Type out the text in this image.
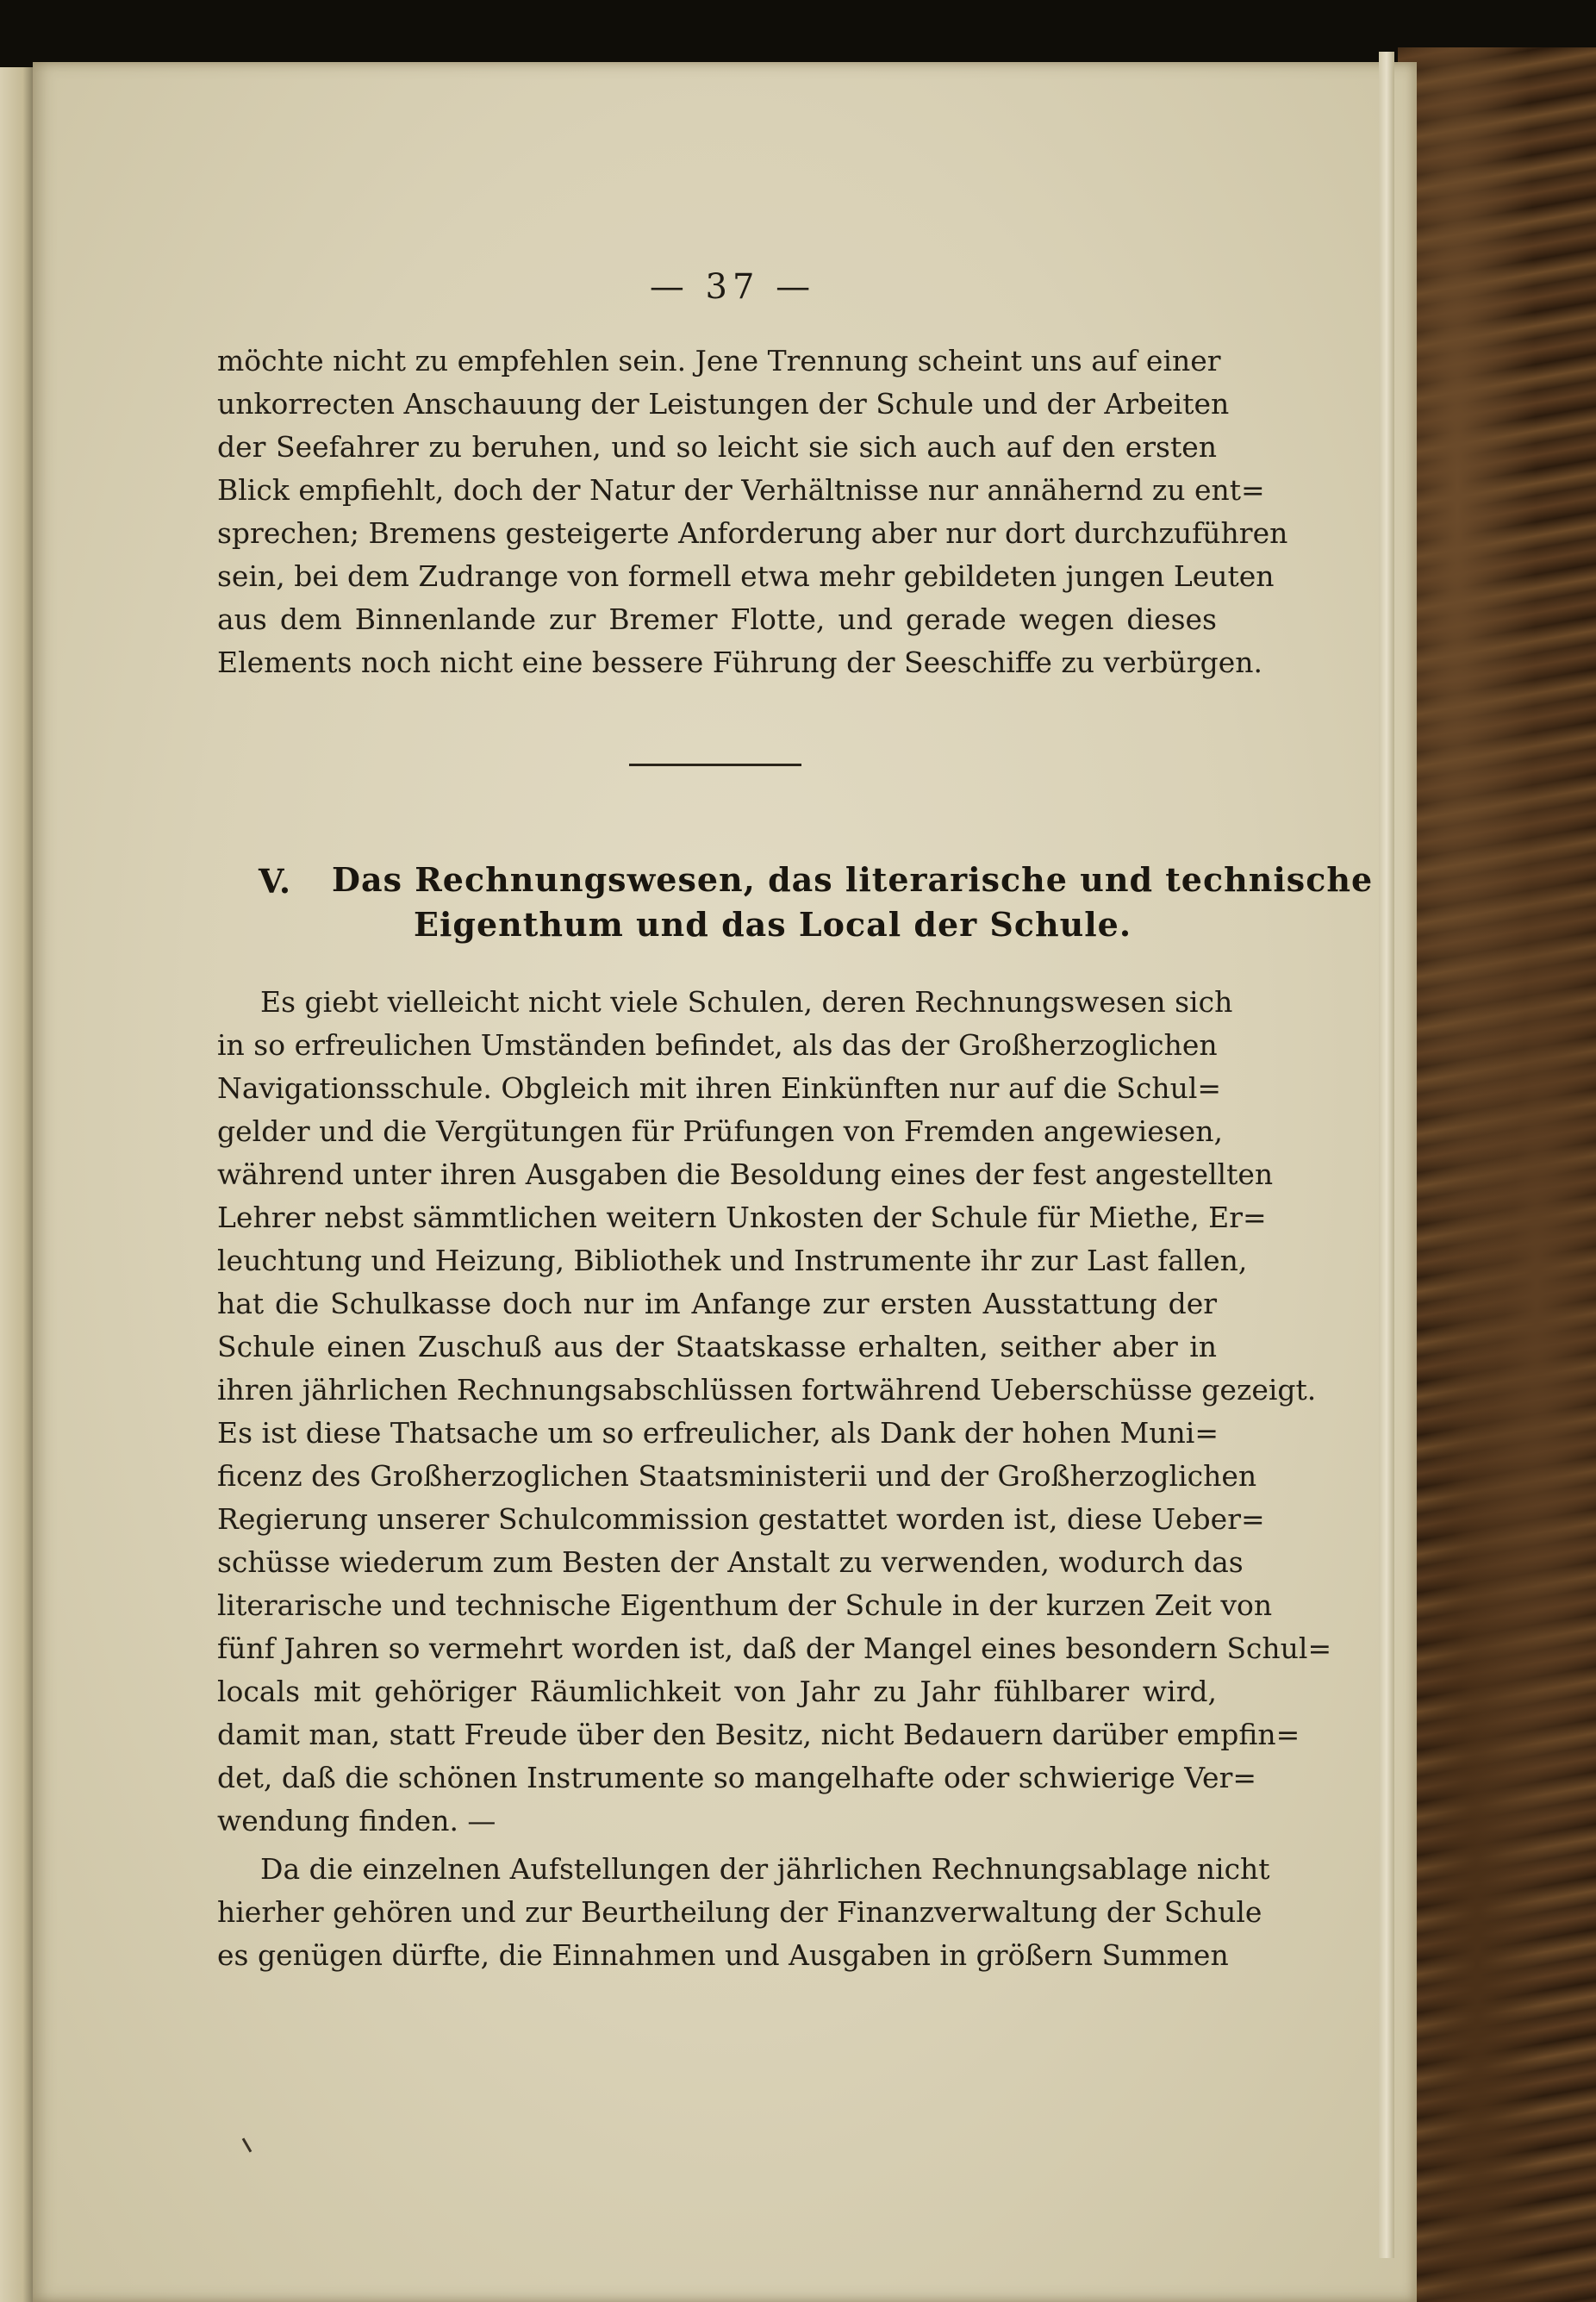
— 37 —
möchte nicht zu empfehlen sein. Jene Trennung scheint uns auf einer
unkorrecten Anschauung der Leistungen der Schule und der Arbeiten
der Seefahrer zu beruhen, und so leicht sie sich auch auf den ersten
Blick empfiehlt, doch der Natur der Verhältnisse nur annähernd zu ent=
sprechen; Bremens gesteigerte Anforderung aber nur dort durchzuführen
sein, bei dem Zudrange von formell etwa mehr gebildeten jungen Leuten
aus dem Binnenlande zur Bremer Flotte, und gerade wegen dieses
Elements noch nicht eine bessere Führung der Seeschiffe zu verbürgen.
V. Das Rechnungswesen, das literarische und technische
Eigenthum und das Local der Schule.
Es giebt vielleicht nicht viele Schulen, deren Rechnungswesen sich
in so erfreulichen Umständen befindet, als das der Großherzoglichen
Navigationsschule. Obgleich mit ihren Einkünften nur auf die Schul=
gelder und die Vergütungen für Prüfungen von Fremden angewiesen,
während unter ihren Ausgaben die Besoldung eines der fest angestellten
Lehrer nebst sämmtlichen weitern Unkosten der Schule für Miethe, Er=
leuchtung und Heizung, Bibliothek und Instrumente ihr zur Last fallen,
hat die Schulkasse doch nur im Anfange zur ersten Ausstattung der
Schule einen Zuschuß aus der Staatskasse erhalten, seither aber in
ihren jährlichen Rechnungsabschlüssen fortwährend Ueberschüsse gezeigt.
Es ist diese Thatsache um so erfreulicher, als Dank der hohen Muni=
ficenz des Großherzoglichen Staatsministerii und der Großherzoglichen
Regierung unserer Schulcommission gestattet worden ist, diese Ueber=
schüsse wiederum zum Besten der Anstalt zu verwenden, wodurch das
literarische und technische Eigenthum der Schule in der kurzen Zeit von
fünf Jahren so vermehrt worden ist, daß der Mangel eines besondern Schul=
locals mit gehöriger Räumlichkeit von Jahr zu Jahr fühlbarer wird,
damit man, statt Freude über den Besitz, nicht Bedauern darüber empfin=
det, daß die schönen Instrumente so mangelhafte oder schwierige Ver=
wendung finden. —
Da die einzelnen Aufstellungen der jährlichen Rechnungsablage nicht
hierher gehören und zur Beurtheilung der Finanzverwaltung der Schule
es genügen dürfte, die Einnahmen und Ausgaben in größern Summen
